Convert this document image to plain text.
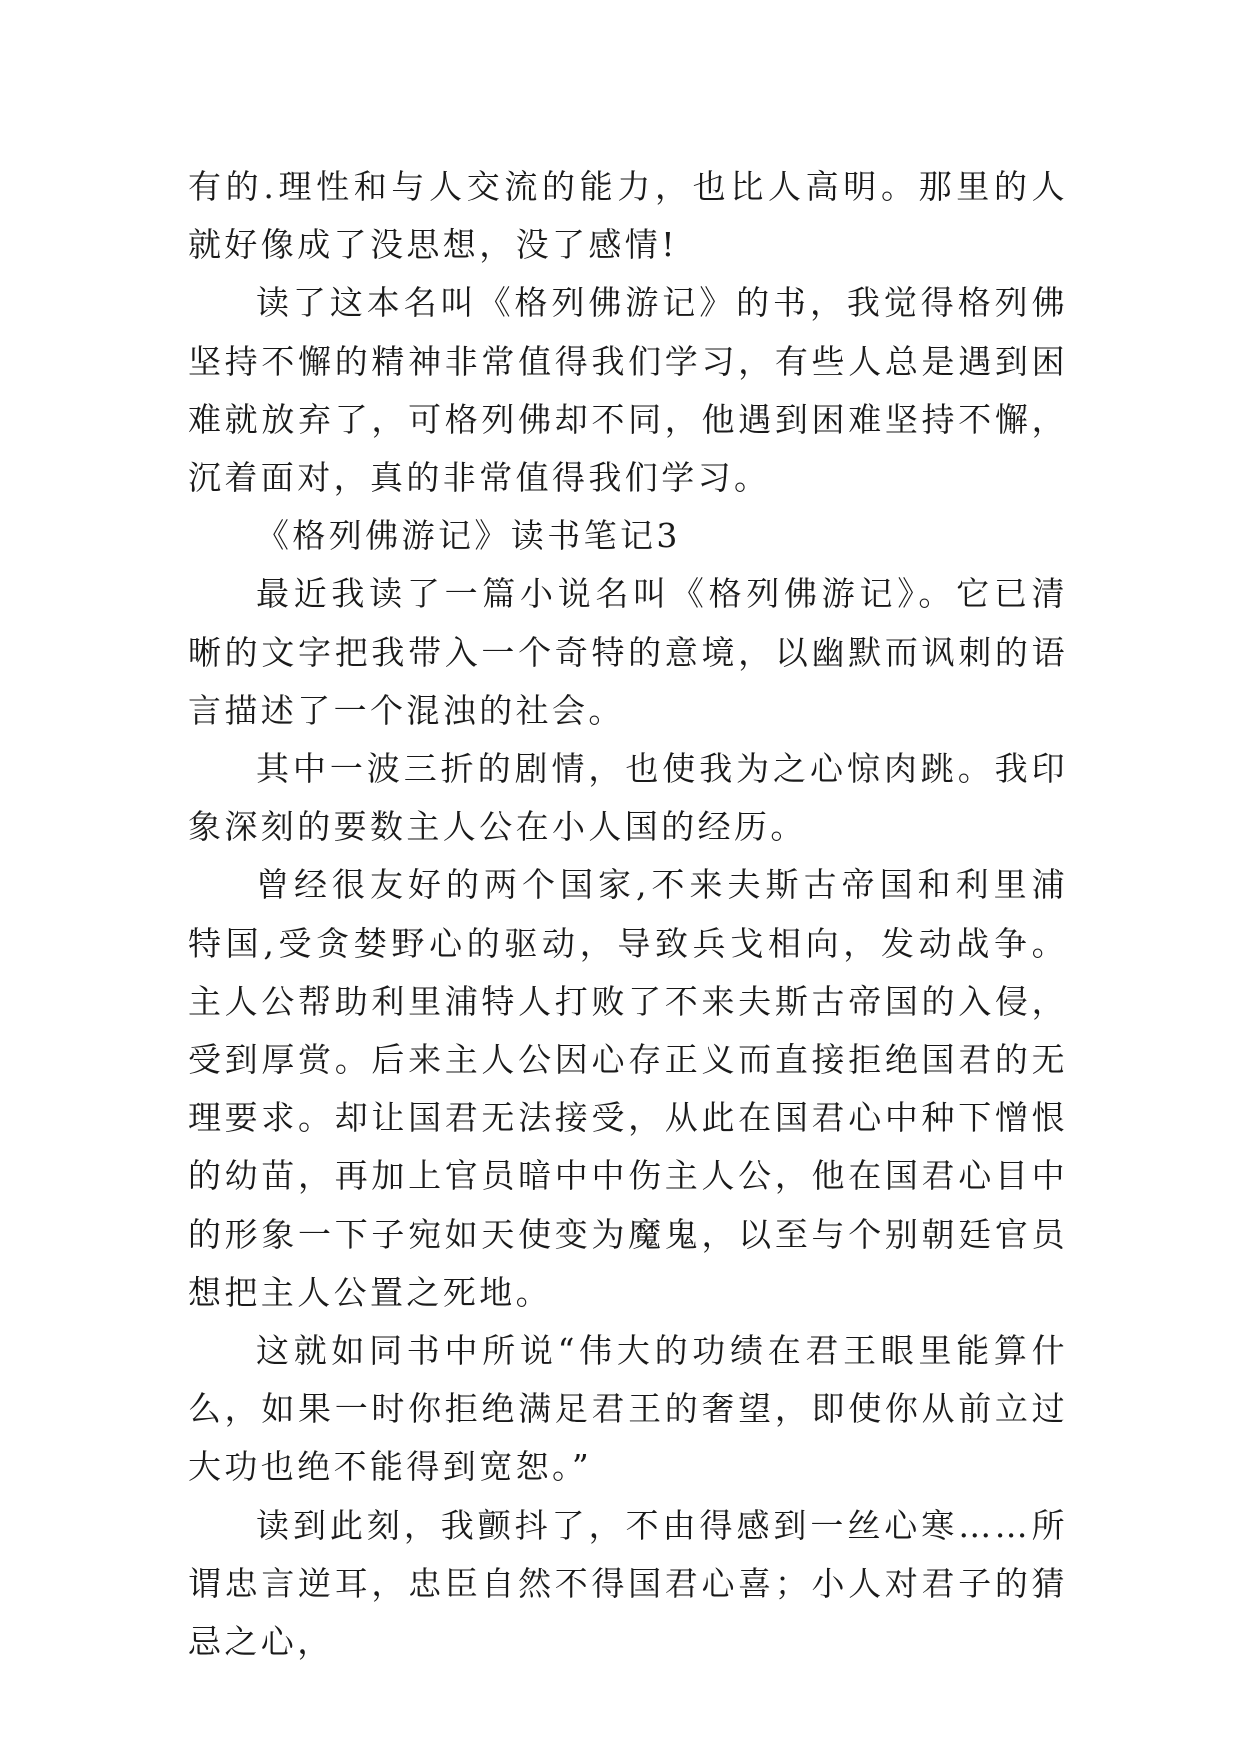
有的.理性和与人交流的能力，也比人高明。那里的人就好像成了没思想，没了感情!

读了这本名叫《格列佛游记》的书，我觉得格列佛坚持不懈的精神非常值得我们学习，有些人总是遇到困难就放弃了，可格列佛却不同，他遇到困难坚持不懈，沉着面对，真的非常值得我们学习。

《格列佛游记》读书笔记3

最近我读了一篇小说名叫《格列佛游记》。它已清晰的文字把我带入一个奇特的意境，以幽默而讽刺的语言描述了一个混浊的社会。

其中一波三折的剧情，也使我为之心惊肉跳。我印象深刻的要数主人公在小人国的经历。

曾经很友好的两个国家,不来夫斯古帝国和利里浦特国,受贪婪野心的驱动，导致兵戈相向，发动战争。主人公帮助利里浦特人打败了不来夫斯古帝国的入侵，受到厚赏。后来主人公因心存正义而直接拒绝国君的无理要求。却让国君无法接受，从此在国君心中种下憎恨的幼苗，再加上官员暗中中伤主人公，他在国君心目中的形象一下子宛如天使变为魔鬼，以至与个别朝廷官员想把主人公置之死地。

这就如同书中所说“伟大的功绩在君王眼里能算什么，如果一时你拒绝满足君王的奢望，即使你从前立过大功也绝不能得到宽恕。”

读到此刻，我颤抖了，不由得感到一丝心寒……所谓忠言逆耳，忠臣自然不得国君心喜；小人对君子的猜忌之心，
